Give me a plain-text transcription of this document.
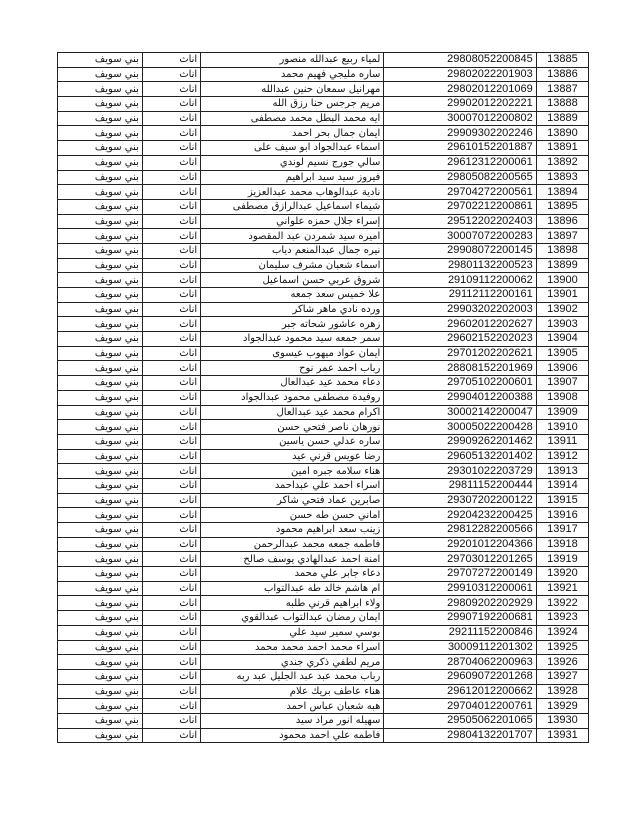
بني سويف	اناث	لمياء ربيع عبدالله منصور	29808052200845	13885
بني سويف	اناث	ساره مليجي فهيم محمد	29802022201903	13886
بني سويف	اناث	مهرانيل سمعان حنين عبدالله	29802012201069	13887
بني سويف	اناث	مريم جرجس حنا رزق الله	29902012202221	13888
بني سويف	اناث	ايه محمد البطل محمد مصطفى	30007012200802	13889
بني سويف	اناث	ايمان جمال بحر احمد	29909302202246	13890
بني سويف	اناث	اسماء عبدالجواد ابو سيف على	29610152201887	13891
بني سويف	اناث	سالي جورج نسيم لوندي	29612312200061	13892
بني سويف	اناث	فيروز سيد سيد ابراهيم	29805082200565	13893
بني سويف	اناث	نادية عبدالوهاب محمد عبدالعزيز	29704272200561	13894
بني سويف	اناث	شيماء اسماعيل عبدالرازق مصطفى	29702212200861	13895
بني سويف	اناث	إسراء جلال حمزه علواني	29512202202403	13896
بني سويف	اناث	اميره سيد شمردن عبد المقصود	30007072200283	13897
بني سويف	اناث	نيره جمال عبدالمنعم دياب	29908072200145	13898
بني سويف	اناث	اسماء شعبان مشرف سليمان	29801132200523	13899
بني سويف	اناث	شروق عربي حسن اسماعيل	29109112200062	13900
بني سويف	اناث	علا خميس سعد جمعه	29112112200161	13901
بني سويف	اناث	ورده نادي ماهر شاكر	29903202202003	13902
بني سويف	اناث	زهره عاشور شحاته جبر	29602012202627	13903
بني سويف	اناث	سمر جمعه سيد محمود عبدالجواد	29602152202023	13904
بني سويف	اناث	ايمان عواد ميهوب عيسوى	29701202202621	13905
بني سويف	اناث	رباب احمد عمر نوح	28808152201969	13906
بني سويف	اناث	دعاء محمد عيد عبدالعال	29705102200601	13907
بني سويف	اناث	روفيدة مصطفى محمود عبدالجواد	29904012200388	13908
بني سويف	اناث	اكرام محمد عيد عبدالعال	30002142200047	13909
بني سويف	اناث	نورهان ناصر فتحي حسن	30005022200428	13910
بني سويف	اناث	ساره عدلي حسن ياسين	29909262201462	13911
بني سويف	اناث	رضا عويس قرني عيد	29605132201402	13912
بني سويف	اناث	هناء سلامه جبره امين	29301022203729	13913
بني سويف	اناث	اسراء احمد علي عبداحمد	29811152200444	13914
بني سويف	اناث	صابرين عماد فتحي شاكر	29307202200122	13915
بني سويف	اناث	اماني حسن طه حسن	29204232200425	13916
بني سويف	اناث	زينب سعد ابراهيم محمود	29812282200566	13917
بني سويف	اناث	فاطمه جمعه محمد عبدالرحمن	29201012204366	13918
بني سويف	اناث	امنة احمد عبدالهادي يوسف صالح	29703012201265	13919
بني سويف	اناث	دعاء جابر علي محمد	29707272200149	13920
بني سويف	اناث	ام هاشم خالد طه عبدالتواب	29910312200061	13921
بني سويف	اناث	ولاء ابراهيم قرني طلبه	29809202202929	13922
بني سويف	اناث	ايمان رمضان عبدالتواب عبدالقوي	29907192200681	13923
بني سويف	اناث	بوسي سمير سيد علي	29211152200846	13924
بني سويف	اناث	اسراء محمد احمد محمد محمد	30009112201302	13925
بني سويف	اناث	مريم لطفي ذكري جندي	28704062200963	13926
بني سويف	اناث	رباب محمد عبد عبد الجليل عبد ربه	29609072201268	13927
بني سويف	اناث	هناء عاطف بريك علام	29612012200662	13928
بني سويف	اناث	هبه شعبان عباس احمد	29704012200761	13929
بني سويف	اناث	سهيله انور مراد سيد	29505062201065	13930
بني سويف	اناث	فاطمه علي احمد محمود	29804132201707	13931
